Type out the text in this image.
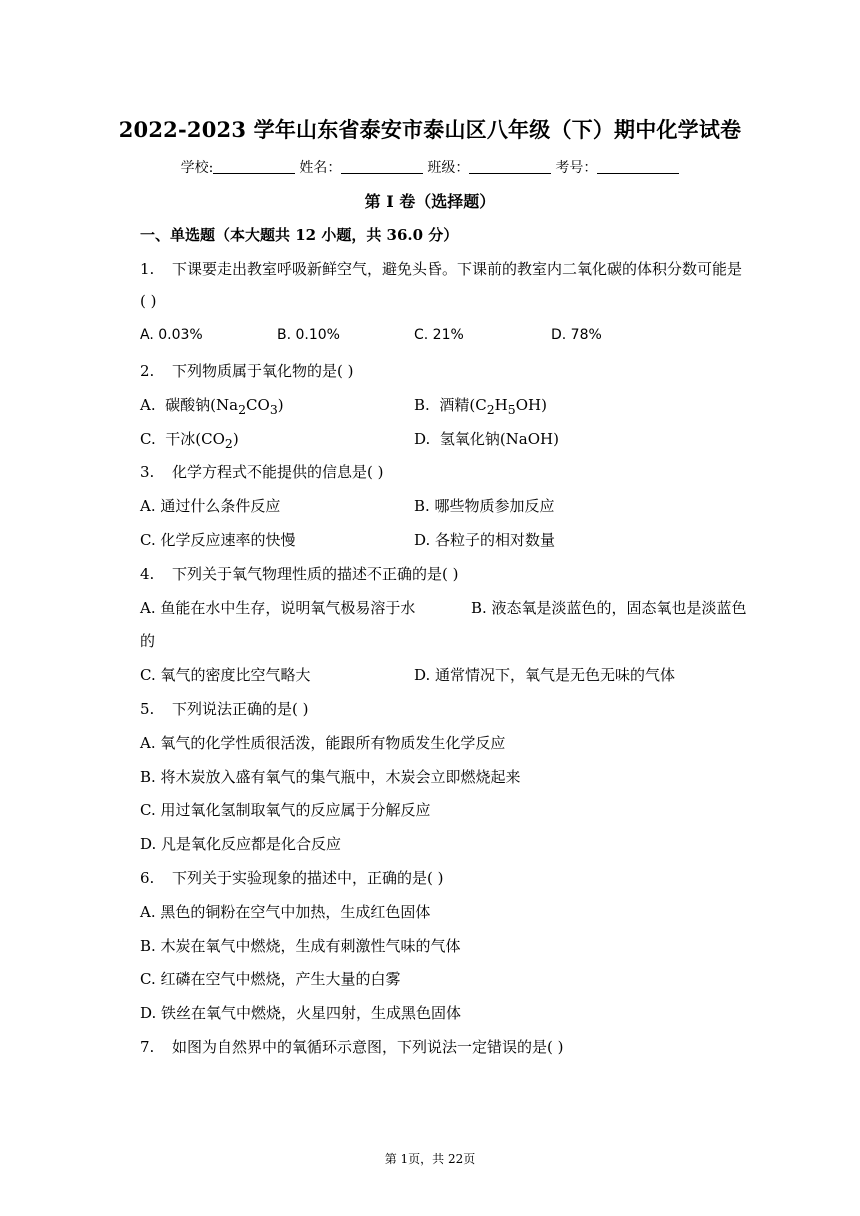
2022-2023 学年山东省泰安市泰山区八年级（下）期中化学试卷
学校:	姓名：	班级：	考号：
第 I 卷（选择题）
一、单选题（本大题共 12 小题，共 36.0 分）
1. 下课要走出教室呼吸新鲜空气，避免头昏。下课前的教室内二氧化碳的体积分数可能是
( )
A. 0.03%	B. 0.10%	C. 21%	D. 78%
2. 下列物质属于氧化物的是( )
A. 碳酸钠$(Na_2CO_3)$	B. 酒精$(C_2H_5OH)$
C. 干冰$(CO_2)$	D. 氢氧化钠(NaOH)
3. 化学方程式不能提供的信息是( )
A. 通过什么条件反应	B. 哪些物质参加反应
C. 化学反应速率的快慢	D. 各粒子的相对数量
4. 下列关于氧气物理性质的描述不正确的是( )
A. 鱼能在水中生存，说明氧气极易溶于水	B. 液态氧是淡蓝色的，固态氧也是淡蓝色
的
C. 氧气的密度比空气略大	D. 通常情况下，氧气是无色无味的气体
5. 下列说法正确的是( )
A. 氧气的化学性质很活泼，能跟所有物质发生化学反应
B. 将木炭放入盛有氧气的集气瓶中，木炭会立即燃烧起来
C. 用过氧化氢制取氧气的反应属于分解反应
D. 凡是氧化反应都是化合反应
6. 下列关于实验现象的描述中，正确的是( )
A. 黑色的铜粉在空气中加热，生成红色固体
B. 木炭在氧气中燃烧，生成有刺激性气味的气体
C. 红磷在空气中燃烧，产生大量的白雾
D. 铁丝在氧气中燃烧，火星四射，生成黑色固体
7. 如图为自然界中的氧循环示意图，下列说法一定错误的是( )
第 1页，共 22页
